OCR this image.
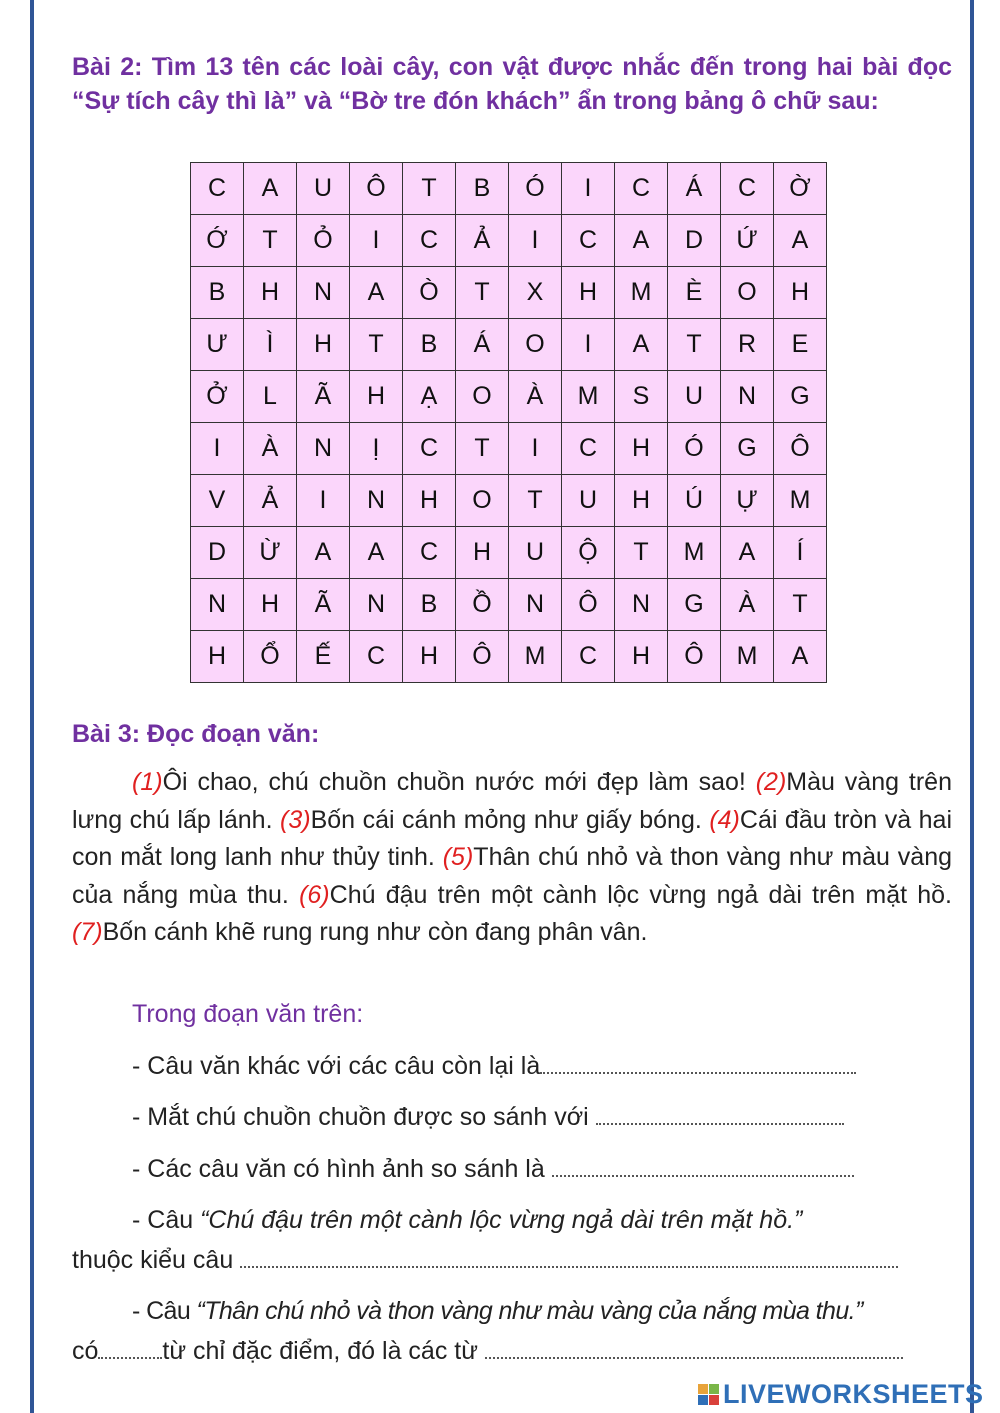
Bài 2: Tìm 13 tên các loài cây, con vật được nhắc đến trong hai bài đọc “Sự tích cây thì là” và “Bờ tre đón khách” ẩn trong bảng ô chữ sau:
C	A	U	Ô	T	B	Ó	I	C	Á	C	Ờ
Ớ	T	Ỏ	I	C	Ả	I	C	A	D	Ứ	A
B	H	N	A	Ò	T	X	H	M	È	O	H
Ư	Ì	H	T	B	Á	O	I	A	T	R	E
Ở	L	Ã	H	Ạ	O	À	M	S	U	N	G
I	À	N	Ị	C	T	I	C	H	Ó	G	Ô
V	Ả	I	N	H	O	T	U	H	Ú	Ự	M
D	Ừ	A	A	C	H	U	Ộ	T	M	A	Í
N	H	Ã	N	B	Ồ	N	Ô	N	G	À	T
H	Ổ	Ế	C	H	Ô	M	C	H	Ô	M	A
Bài 3: Đọc đoạn văn:
(1)Ôi chao, chú chuồn chuồn nước mới đẹp làm sao! (2)Màu vàng trên lưng chú lấp lánh. (3)Bốn cái cánh mỏng như giấy bóng. (4)Cái đầu tròn và hai con mắt long lanh như thủy tinh. (5)Thân chú nhỏ và thon vàng như màu vàng của nắng mùa thu. (6)Chú đậu trên một cành lộc vừng ngả dài trên mặt hồ. (7)Bốn cánh khẽ rung rung như còn đang phân vân.
Trong đoạn văn trên:
- Câu văn khác với các câu còn lại là
- Mắt chú chuồn chuồn được so sánh với
- Các câu văn có hình ảnh so sánh là
- Câu “Chú đậu trên một cành lộc vừng ngả dài trên mặt hồ.”
thuộc kiểu câu
- Câu “Thân chú nhỏ và thon vàng như màu vàng của nắng mùa thu.”
có	từ chỉ đặc điểm, đó là các từ
LIVEWORKSHEETS
